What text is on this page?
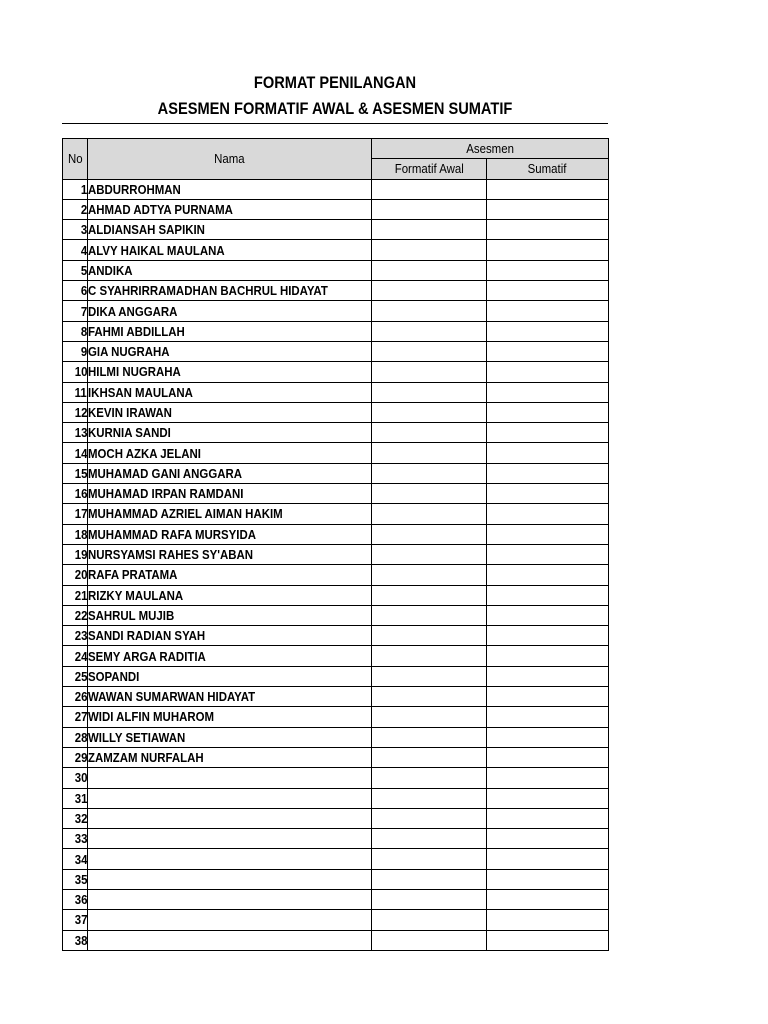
FORMAT PENILANGAN
ASESMEN FORMATIF AWAL & ASESMEN SUMATIF
No	Nama	Asesmen	
		Formatif Awal	Sumatif
1	ABDURROHMAN		
2	AHMAD ADTYA PURNAMA		
3	ALDIANSAH SAPIKIN		
4	ALVY HAIKAL MAULANA		
5	ANDIKA		
6	C SYAHRIRRAMADHAN BACHRUL HIDAYAT		
7	DIKA ANGGARA		
8	FAHMI ABDILLAH		
9	GIA NUGRAHA		
10	HILMI NUGRAHA		
11	IKHSAN MAULANA		
12	KEVIN IRAWAN		
13	KURNIA SANDI		
14	MOCH AZKA JELANI		
15	MUHAMAD GANI ANGGARA		
16	MUHAMAD IRPAN RAMDANI		
17	MUHAMMAD AZRIEL AIMAN HAKIM		
18	MUHAMMAD RAFA MURSYIDA		
19	NURSYAMSI RAHES SY'ABAN		
20	RAFA PRATAMA		
21	RIZKY MAULANA		
22	SAHRUL MUJIB		
23	SANDI RADIAN SYAH		
24	SEMY ARGA RADITIA		
25	SOPANDI		
26	WAWAN SUMARWAN HIDAYAT		
27	WIDI ALFIN MUHAROM		
28	WILLY SETIAWAN		
29	ZAMZAM NURFALAH		
30			
31			
32			
33			
34			
35			
36			
37			
38			
